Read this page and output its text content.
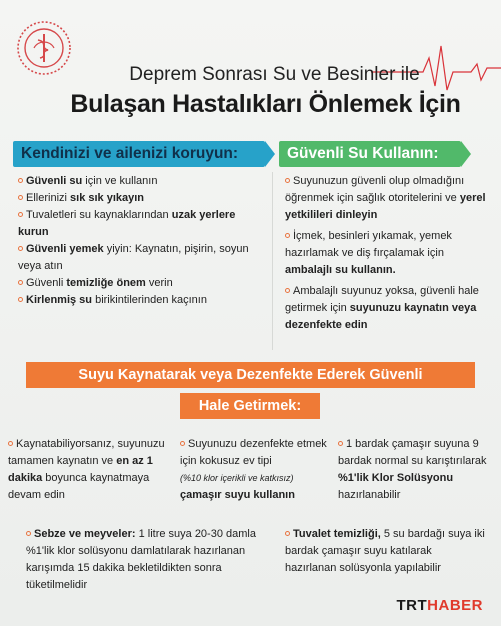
Deprem Sonrası Su ve Besinler ile
Bulaşan Hastalıkları Önlemek İçin
Kendinizi ve ailenizi koruyun:	Güvenli Su Kullanın:
Güvenli su için ve kullanın
Ellerinizi sık sık yıkayın
Tuvaletleri su kaynaklarından uzak yerlere kurun
Güvenli yemek yiyin: Kaynatın, pişirin, soyun veya atın
Güvenli temizliğe önem verin
Kirlenmiş su birikintilerinden kaçının
Suyunuzun güvenli olup olmadığını öğrenmek için sağlık otoritelerini ve yerel yetkilileri dinleyin
İçmek, besinleri yıkamak, yemek hazırlamak ve diş fırçalamak için ambalajlı su kullanın.
Ambalajlı suyunuz yoksa, güvenli hale getirmek için suyunuzu kaynatın veya dezenfekte edin
Suyu Kaynatarak veya Dezenfekte Ederek Güvenli
Hale Getirmek:
Kaynatabiliyorsanız, suyunuzu tamamen kaynatın ve en az 1 dakika boyunca kaynatmaya devam edin
Suyunuzu dezenfekte etmek için kokusuz ev tipi
(%10 klor içerikli ve katkısız)
çamaşır suyu kullanın
1 bardak çamaşır suyuna 9 bardak normal su karıştırılarak %1'lik Klor Solüsyonu hazırlanabilir
Sebze ve meyveler: 1 litre suya 20-30 damla %1'lik klor solüsyonu damlatılarak hazırlanan karışımda 15 dakika bekletildikten sonra tüketilmelidir
Tuvalet temizliği, 5 su bardağı suya iki bardak çamaşır suyu katılarak hazırlanan solüsyonla yapılabilir
TRTHABER
